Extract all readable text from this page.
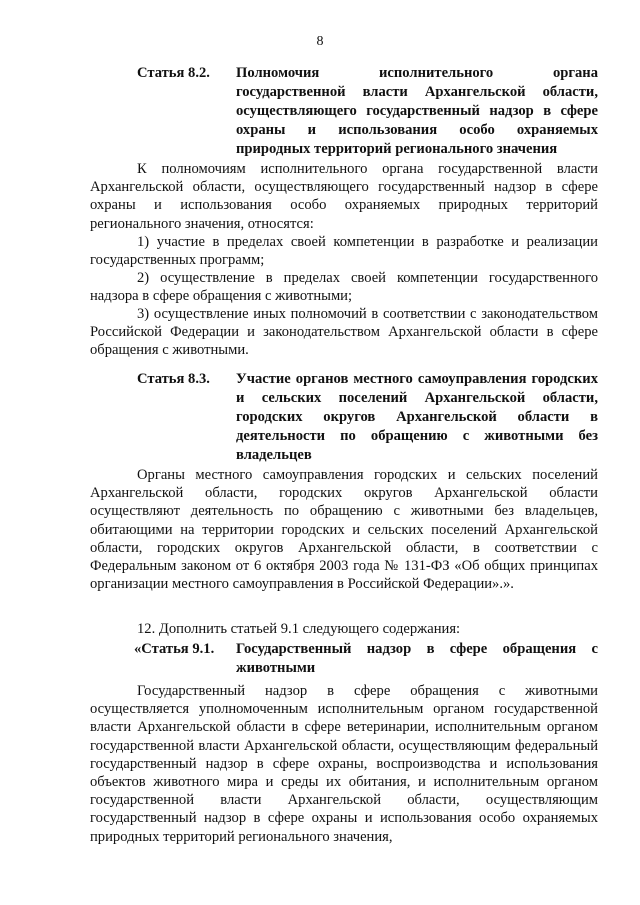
8
Статья 8.2.	Полномочия исполнительного органа государственной власти Архангельской области, осуществляющего государственный надзор в сфере охраны и использования особо охраняемых природных территорий регионального значения

К полномочиям исполнительного органа государственной власти Архангельской области, осуществляющего государственный надзор в сфере охраны и использования особо охраняемых природных территорий регионального значения, относятся:

1) участие в пределах своей компетенции в разработке и реализации государственных программ;

2) осуществление в пределах своей компетенции государственного надзора в сфере обращения с животными;

3) осуществление иных полномочий в соответствии с законодательством Российской Федерации и законодательством Архангельской области в сфере обращения с животными.

Статья 8.3.	Участие органов местного самоуправления городских и сельских поселений Архангельской области, городских округов Архангельской области в деятельности по обращению с животными без владельцев

Органы местного самоуправления городских и сельских поселений Архангельской области, городских округов Архангельской области осуществляют деятельность по обращению с животными без владельцев, обитающими на территории городских и сельских поселений Архангельской области, городских округов Архангельской области, в соответствии с Федеральным законом от 6 октября 2003 года № 131-ФЗ «Об общих принципах организации местного самоуправления в Российской Федерации».».

12. Дополнить статьей 9.1 следующего содержания:

«Статья 9.1.	Государственный надзор в сфере обращения с животными

Государственный надзор в сфере обращения с животными осуществляется уполномоченным исполнительным органом государственной власти Архангельской области в сфере ветеринарии, исполнительным органом государственной власти Архангельской области, осуществляющим федеральный государственный надзор в сфере охраны, воспроизводства и использования объектов животного мира и среды их обитания, и исполнительным органом государственной власти Архангельской области, осуществляющим государственный надзор в сфере охраны и использования особо охраняемых природных территорий регионального значения,
